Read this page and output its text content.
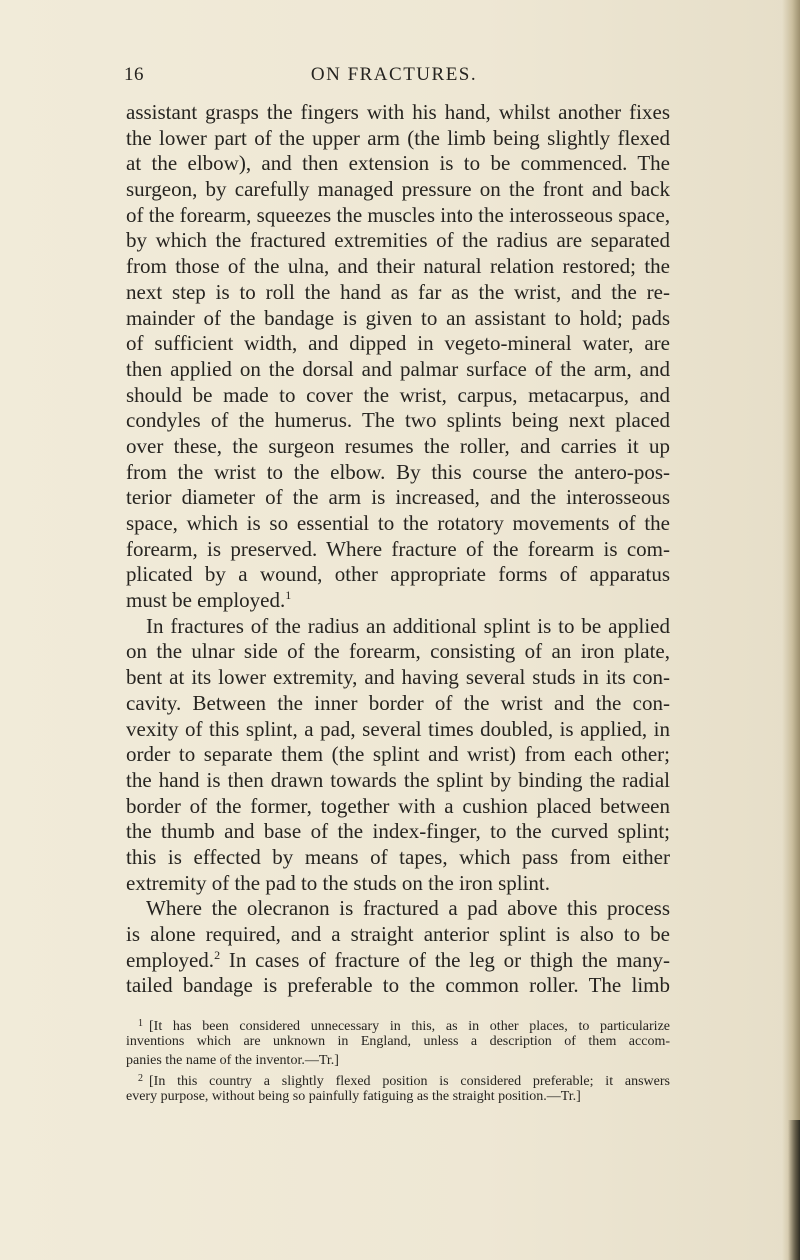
16	ON FRACTURES.
assistant grasps the fingers with his hand, whilst another fixes
the lower part of the upper arm (the limb being slightly flexed
at the elbow), and then extension is to be commenced. The
surgeon, by carefully managed pressure on the front and back
of the forearm, squeezes the muscles into the interosseous space,
by which the fractured extremities of the radius are separated
from those of the ulna, and their natural relation restored; the
next step is to roll the hand as far as the wrist, and the re-
mainder of the bandage is given to an assistant to hold; pads
of sufficient width, and dipped in vegeto-mineral water, are
then applied on the dorsal and palmar surface of the arm, and
should be made to cover the wrist, carpus, metacarpus, and
condyles of the humerus. The two splints being next placed
over these, the surgeon resumes the roller, and carries it up
from the wrist to the elbow. By this course the antero-pos-
terior diameter of the arm is increased, and the interosseous
space, which is so essential to the rotatory movements of the
forearm, is preserved. Where fracture of the forearm is com-
plicated by a wound, other appropriate forms of apparatus
must be employed.$^1$
In fractures of the radius an additional splint is to be applied
on the ulnar side of the forearm, consisting of an iron plate,
bent at its lower extremity, and having several studs in its con-
cavity. Between the inner border of the wrist and the con-
vexity of this splint, a pad, several times doubled, is applied, in
order to separate them (the splint and wrist) from each other;
the hand is then drawn towards the splint by binding the radial
border of the former, together with a cushion placed between
the thumb and base of the index-finger, to the curved splint;
this is effected by means of tapes, which pass from either
extremity of the pad to the studs on the iron splint.
Where the olecranon is fractured a pad above this process
is alone required, and a straight anterior splint is also to be
employed.$^2$ In cases of fracture of the leg or thigh the many-
tailed bandage is preferable to the common roller. The limb
$^1$ [It has been considered unnecessary in this, as in other places, to particularize
inventions which are unknown in England, unless a description of them accom-
panies the name of the inventor.—Tr.]
$^2$ [In this country a slightly flexed position is considered preferable; it answers
every purpose, without being so painfully fatiguing as the straight position.—Tr.]
